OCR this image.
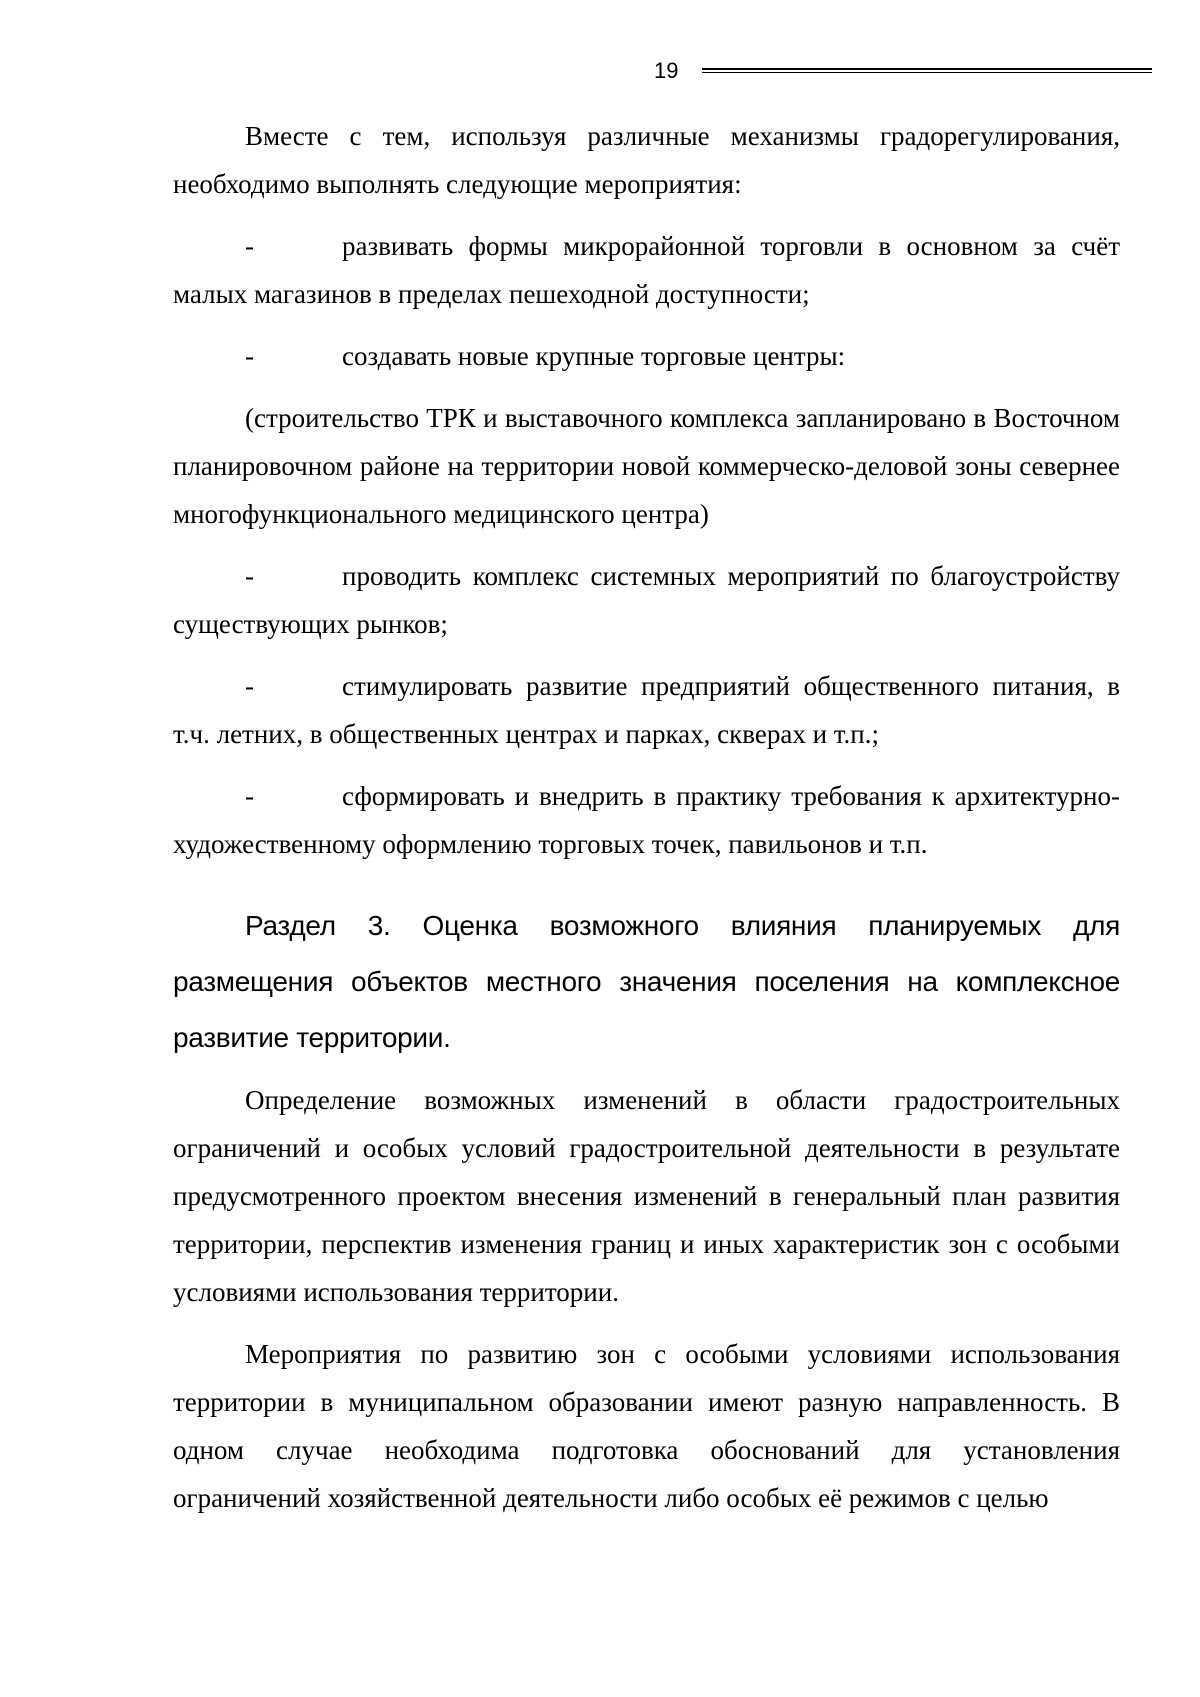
19

Вместе с тем, используя различные механизмы градорегулирования, необходимо выполнять следующие мероприятия:

-	развивать формы микрорайонной торговли в основном за счёт малых магазинов в пределах пешеходной доступности;

-	создавать новые крупные торговые центры:

(строительство ТРК и выставочного комплекса запланировано в Восточном планировочном районе на территории новой коммерческо-деловой зоны севернее многофункционального медицинского центра)

-	проводить комплекс системных мероприятий по благоустройству существующих рынков;

-	стимулировать развитие предприятий общественного питания, в т.ч. летних, в общественных центрах и парках, скверах и т.п.;

-	сформировать и внедрить в практику требования к архитектурно- художественному оформлению торговых точек, павильонов и т.п.

Раздел 3. Оценка возможного влияния планируемых для размещения объектов местного значения поселения на комплексное развитие территории.

Определение возможных изменений в области градостроительных ограничений и особых условий градостроительной деятельности в результате предусмотренного проектом внесения изменений в генеральный план развития территории, перспектив изменения границ и иных характеристик зон с особыми условиями использования территории.

Мероприятия по развитию зон с особыми условиями использования территории в муниципальном образовании имеют разную направленность. В одном случае необходима подготовка обоснований для установления ограничений хозяйственной деятельности либо особых её режимов с целью
